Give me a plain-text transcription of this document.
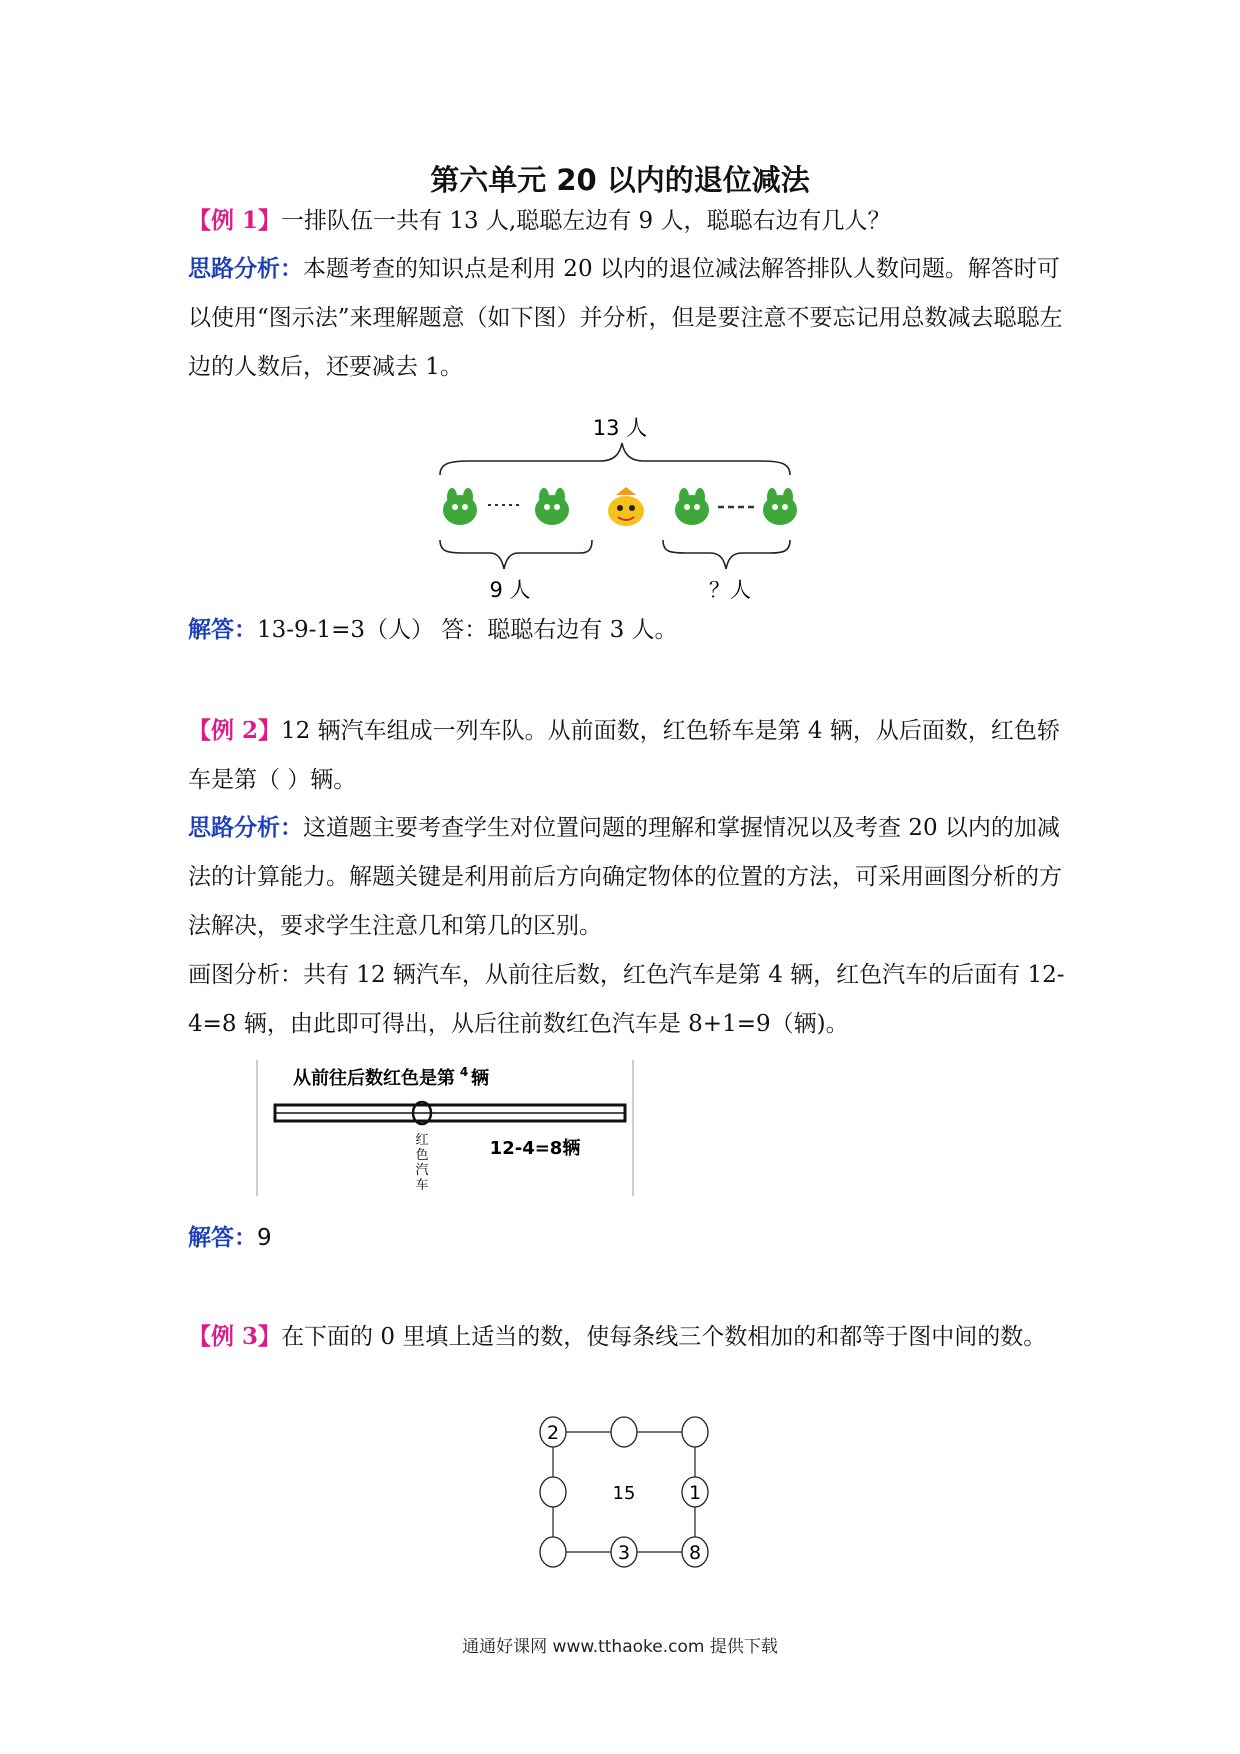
第六单元 20 以内的退位减法

【例 1】一排队伍一共有 13 人,聪聪左边有 9 人，聪聪右边有几人？

思路分析：本题考查的知识点是利用 20 以内的退位减法解答排队人数问题。解答时可以使用“图示法”来理解题意（如下图）并分析，但是要注意不要忘记用总数减去聪聪左边的人数后，还要减去 1。

13 人
9 人	？人

解答：13-9-1=3（人） 答：聪聪右边有 3 人。

【例 2】12 辆汽车组成一列车队。从前面数，红色轿车是第 4 辆，从后面数，红色轿车是第（ ）辆。

思路分析：这道题主要考查学生对位置问题的理解和掌握情况以及考查 20 以内的加减法的计算能力。解题关键是利用前后方向确定物体的位置的方法，可采用画图分析的方法解决，要求学生注意几和第几的区别。

画图分析：共有 12 辆汽车，从前往后数，红色汽车是第 4 辆，红色汽车的后面有 12-4=8 辆，由此即可得出，从后往前数红色汽车是 8+1=9（辆)。

从前往后数红色是第 4 辆
红色汽车
12-4=8辆

解答：9

【例 3】在下面的 0 里填上适当的数，使每条线三个数相加的和都等于图中间的数。

2
15	1
3	8
通通好课网 www.tthaoke.com 提供下载
